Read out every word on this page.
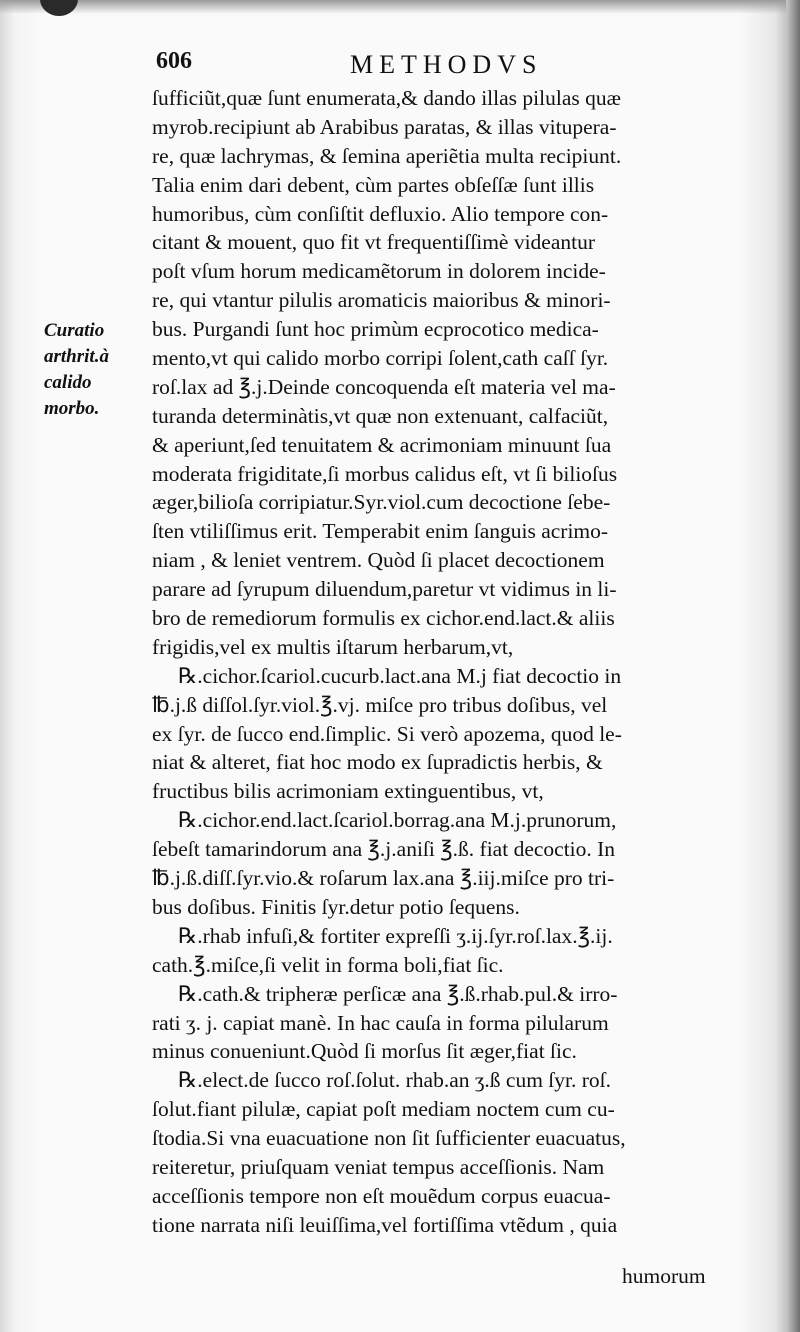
606	METHODVS
Curatio
arthrit.à
calido
morbo.
ſufficiũt,quæ ſunt enumerata,& dando illas pilulas quæ
myrob.recipiunt ab Arabibus paratas, & illas vitupera-
re, quæ lachrymas, & ſemina aperiẽtia multa recipiunt.
Talia enim dari debent, cùm partes obſeſſæ ſunt illis
humoribus, cùm conſiſtit defluxio. Alio tempore con-
citant & mouent, quo fit vt frequentiſſimè videantur
poſt vſum horum medicamẽtorum in dolorem incide-
re, qui vtantur pilulis aromaticis maioribus & minori-
bus. Purgandi ſunt hoc primùm ecprocotico medica-
mento,vt qui calido morbo corripi ſolent,cath caſſ ſyr.
roſ.lax ad ℥.j.Deinde concoquenda eſt materia vel ma-
turanda determinàtis,vt quæ non extenuant, calfaciũt,
& aperiunt,ſed tenuitatem & acrimoniam minuunt ſua
moderata frigiditate,ſi morbus calidus eſt, vt ſi bilioſus
æger,bilioſa corripiatur.Syr.viol.cum decoctione ſebe-
ſten vtiliſſimus erit. Temperabit enim ſanguis acrimo-
niam , & leniet ventrem. Quòd ſi placet decoctionem
parare ad ſyrupum diluendum,paretur vt vidimus in li-
bro de remediorum formulis ex cichor.end.lact.& aliis
frigidis,vel ex multis iſtarum herbarum,vt,
℞.cichor.ſcariol.cucurb.lact.ana M.j fiat decoctio in
℔.j.ß diſſol.ſyr.viol.℥.vj. miſce pro tribus doſibus, vel
ex ſyr. de ſucco end.ſimplic. Si verò apozema, quod le-
niat & alteret, fiat hoc modo ex ſupradictis herbis, &
fructibus bilis acrimoniam extinguentibus, vt,
℞.cichor.end.lact.ſcariol.borrag.ana M.j.prunorum,
ſebeſt tamarindorum ana ℥.j.aniſi ℥.ß. fiat decoctio. In
℔.j.ß.diſſ.ſyr.vio.& roſarum lax.ana ℥.iij.miſce pro tri-
bus doſibus. Finitis ſyr.detur potio ſequens.
℞.rhab infuſi,& fortiter expreſſi ʒ.ij.ſyr.roſ.lax.℥.ij.
cath.℥.miſce,ſi velit in forma boli,fiat ſic.
℞.cath.& tripheræ perſicæ ana ℥.ß.rhab.pul.& irro-
rati ʒ. j. capiat manè. In hac cauſa in forma pilularum
minus conueniunt.Quòd ſi morſus ſit æger,fiat ſic.
℞.elect.de ſucco roſ.ſolut. rhab.an ʒ.ß cum ſyr. roſ.
ſolut.fiant pilulæ, capiat poſt mediam noctem cum cu-
ſtodia.Si vna euacuatione non ſit ſufficienter euacuatus,
reiteretur, priuſquam veniat tempus acceſſionis. Nam
acceſſionis tempore non eſt mouẽdum corpus euacua-
tione narrata niſi leuiſſima,vel fortiſſima vtẽdum , quia
humorum
